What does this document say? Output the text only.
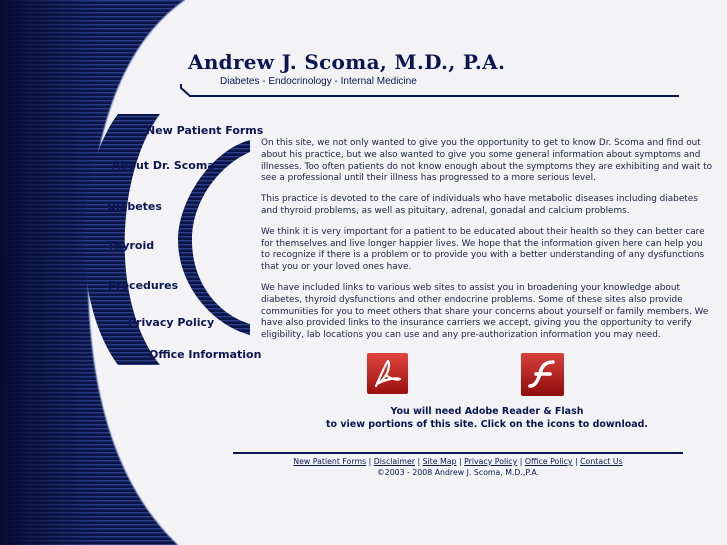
Andrew J. Scoma, M.D., P.A.
Diabetes - Endocrinology - Internal Medicine
New Patient Forms
About Dr. Scoma
Diabetes
Thyroid
Procedures
Privacy Policy
Office Information

On this site, we not only wanted to give you the opportunity to get to know Dr. Scoma and find out about his practice, but we also wanted to give you some general information about symptoms and illnesses. Too often patients do not know enough about the symptoms they are exhibiting and wait to see a professional until their illness has progressed to a more serious level.

This practice is devoted to the care of individuals who have metabolic diseases including diabetes and thyroid problems, as well as pituitary, adrenal, gonadal and calcium problems.

We think it is very important for a patient to be educated about their health so they can better care for themselves and live longer happier lives. We hope that the information given here can help you to recognize if there is a problem or to provide you with a better understanding of any dysfunctions that you or your loved ones have.

We have included links to various web sites to assist you in broadening your knowledge about diabetes, thyroid dysfunctions and other endocrine problems. Some of these sites also provide communities for you to meet others that share your concerns about yourself or family members. We have also provided links to the insurance carriers we accept, giving you the opportunity to verify eligibility, lab locations you can use and any pre-authorization information you may need.

You will need Adobe Reader & Flash
to view portions of this site. Click on the icons to download.
New Patient Forms | Disclaimer | Site Map | Privacy Policy | Office Policy | Contact Us
©2003 - 2008 Andrew J. Scoma, M.D.,P.A.
